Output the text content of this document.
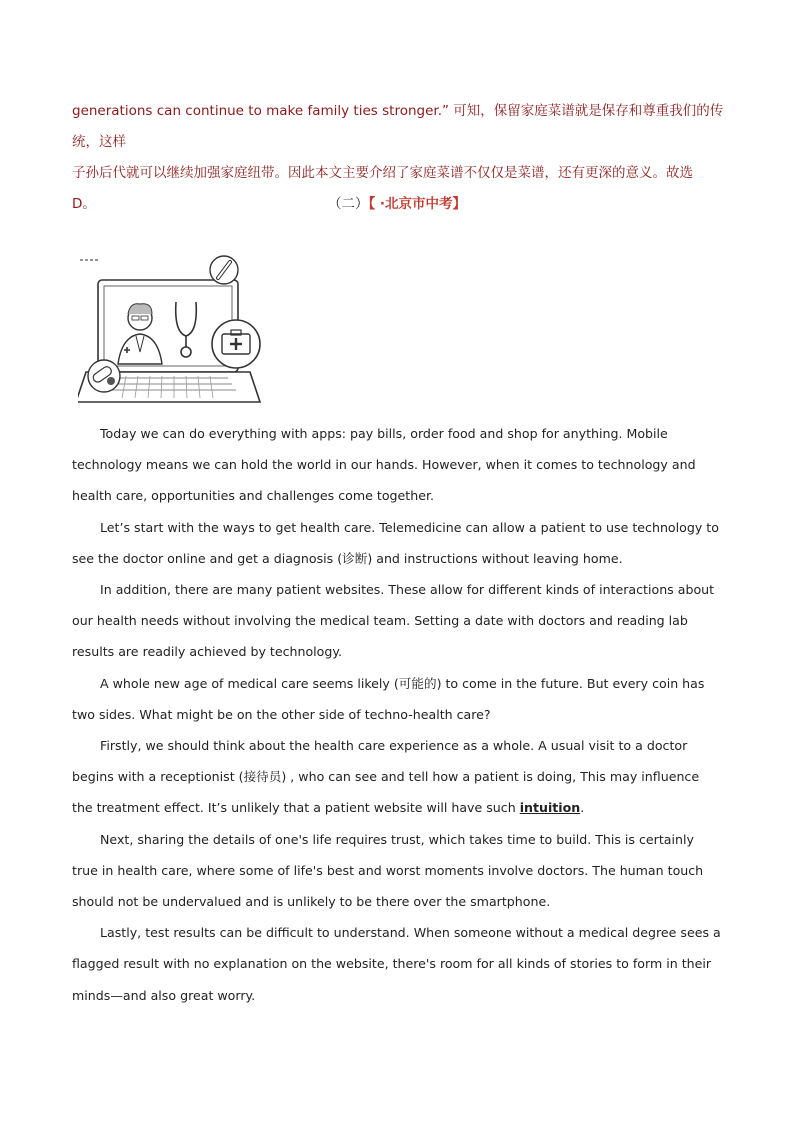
generations can continue to make family ties stronger.” 可知，保留家庭菜谱就是保存和尊重我们的传统，这样

子孙后代就可以继续加强家庭纽带。因此本文主要介绍了家庭菜谱不仅仅是菜谱，还有更深的意义。故选

D。	（二）【 ·北京市中考】

Today we can do everything with apps: pay bills, order food and shop for anything. Mobile technology means we can hold the world in our hands. However, when it comes to technology and health care, opportunities and challenges come together.

Let’s start with the ways to get health care. Telemedicine can allow a patient to use technology to see the doctor online and get a diagnosis (诊断) and instructions without leaving home.

In addition, there are many patient websites. These allow for different kinds of interactions about our health needs without involving the medical team. Setting a date with doctors and reading lab results are readily achieved by technology.

A whole new age of medical care seems likely (可能的) to come in the future. But every coin has two sides. What might be on the other side of techno-health care?

Firstly, we should think about the health care experience as a whole. A usual visit to a doctor begins with a receptionist (接待员) , who can see and tell how a patient is doing, This may influence the treatment effect. It’s unlikely that a patient website will have such intuition.

Next, sharing the details of one's life requires trust, which takes time to build. This is certainly true in health care, where some of life's best and worst moments involve doctors. The human touch should not be undervalued and is unlikely to be there over the smartphone.

Lastly, test results can be difficult to understand. When someone without a medical degree sees a flagged result with no explanation on the website, there's room for all kinds of stories to form in their minds—and also great worry.
